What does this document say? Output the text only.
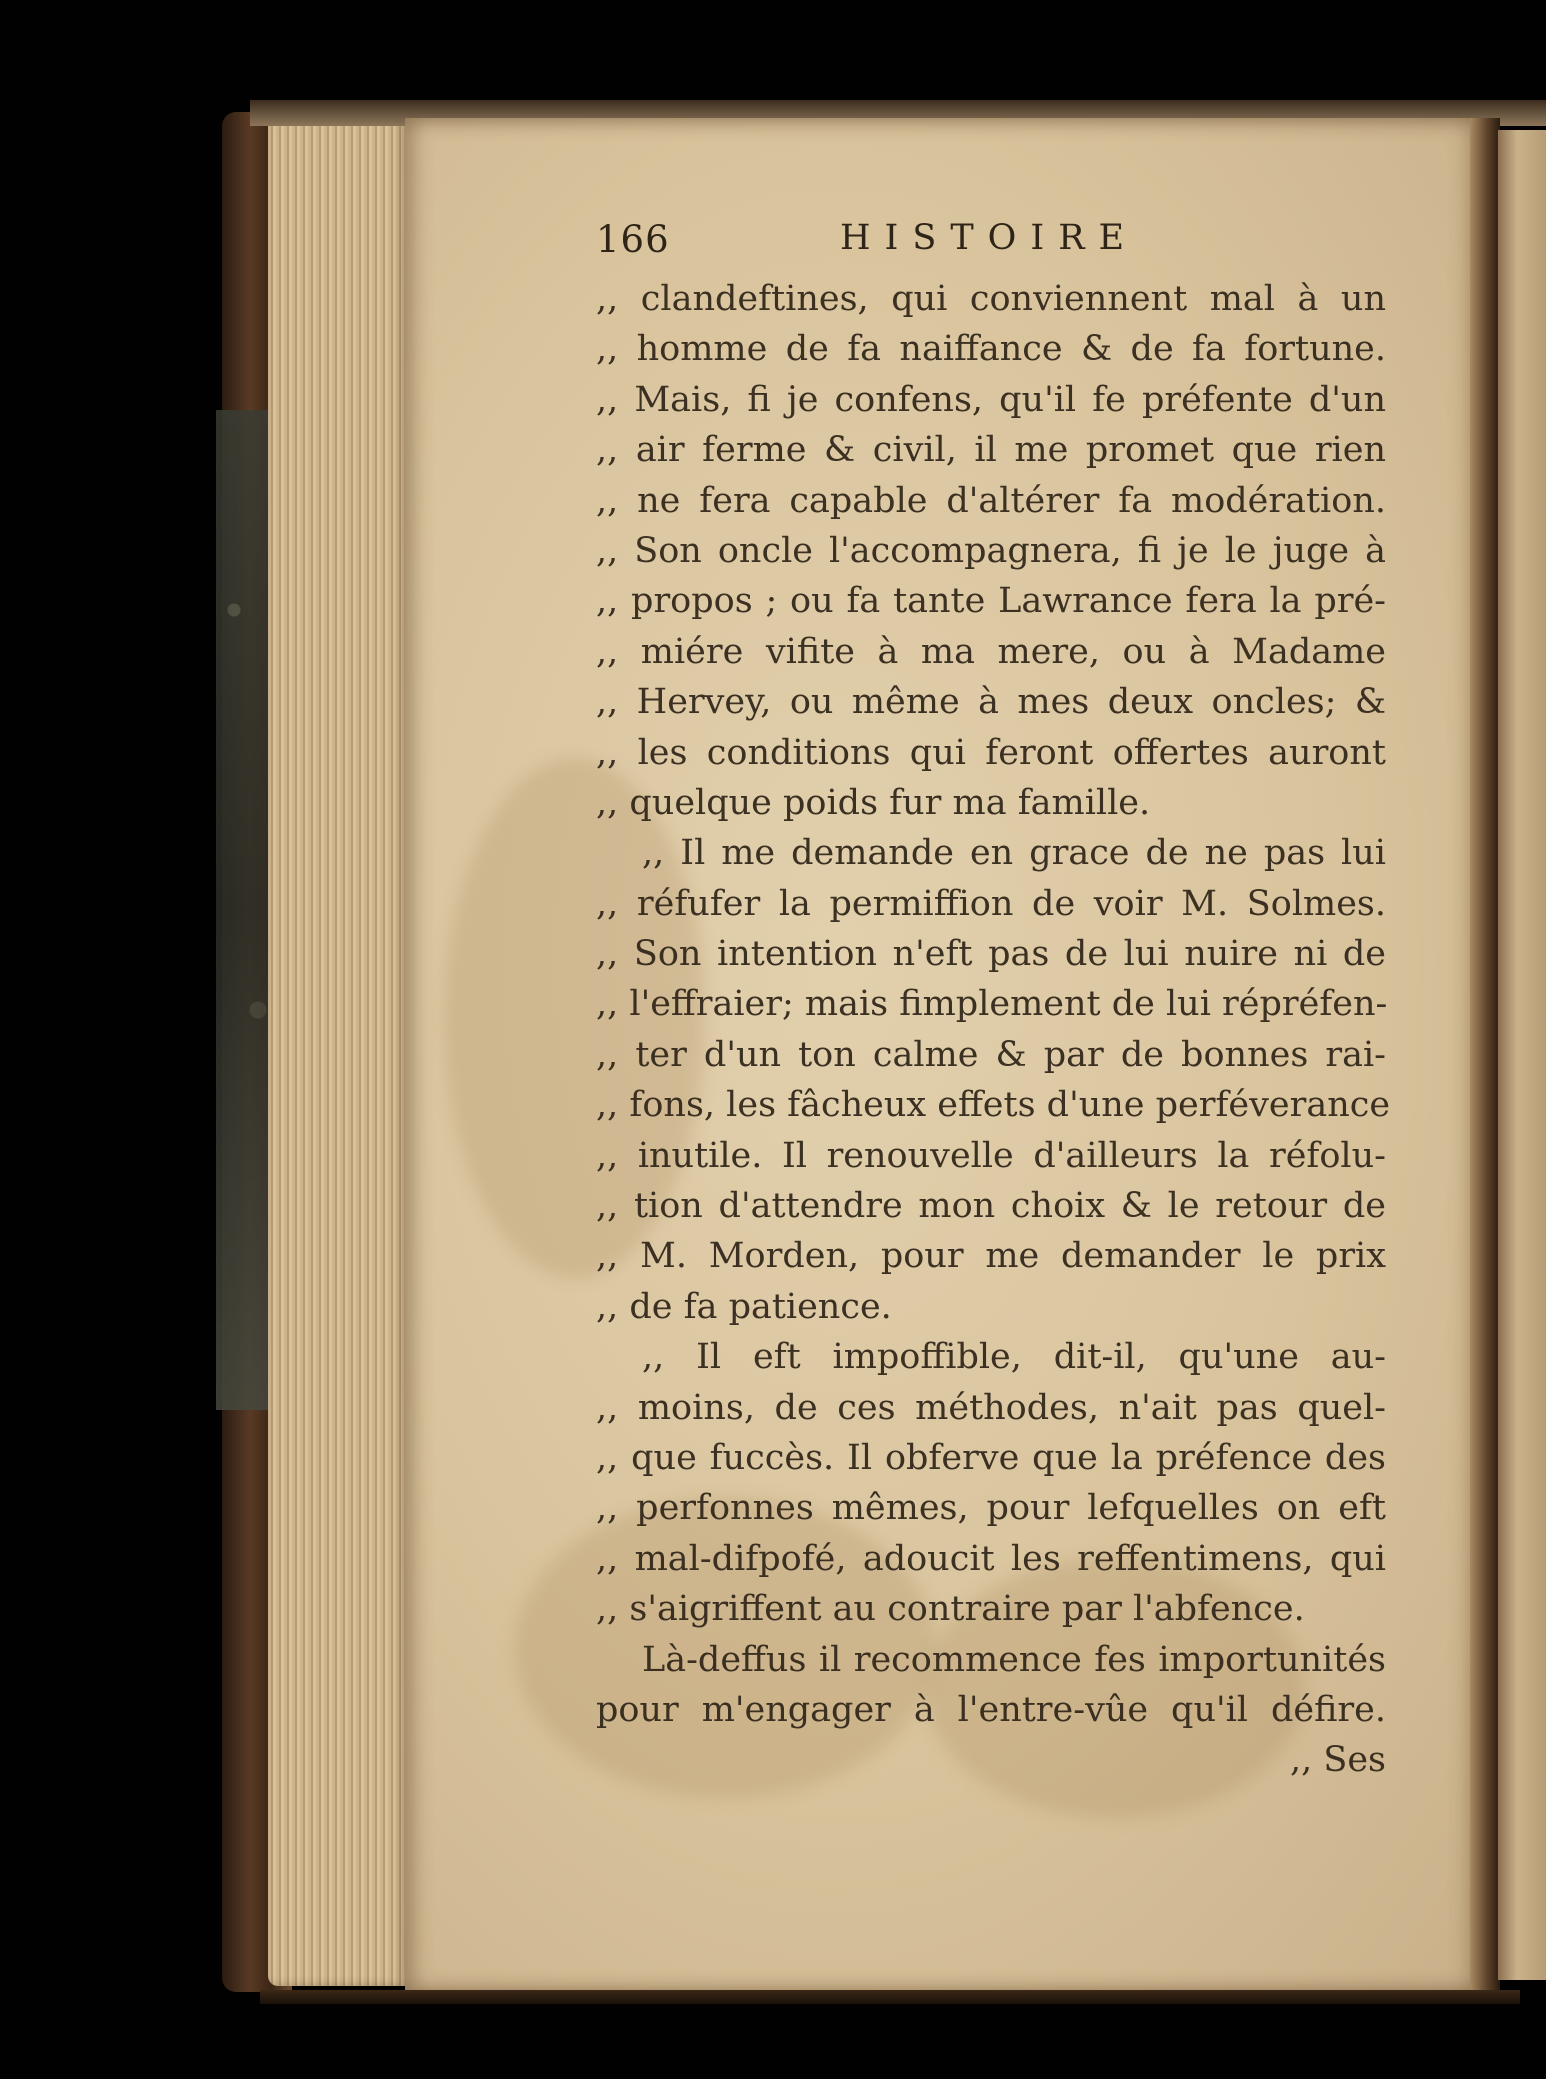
166	HISTOIRE
,, clandeftines, qui conviennent mal à un
,, homme de fa naiffance & de fa fortune.
,, Mais, fi je confens, qu'il fe préfente d'un
,, air ferme & civil, il me promet que rien
,, ne fera capable d'altérer fa modération.
,, Son oncle l'accompagnera, fi je le juge à
,, propos ; ou fa tante Lawrance fera la pré-
,, miére vifite à ma mere, ou à Madame
,, Hervey, ou même à mes deux oncles; &
,, les conditions qui feront offertes auront
,, quelque poids fur ma famille.
,, Il me demande en grace de ne pas lui
,, réfufer la permiffion de voir M. Solmes.
,, Son intention n'eft pas de lui nuire ni de
,, l'effraier; mais fimplement de lui répréfen-
,, ter d'un ton calme & par de bonnes rai-
,, fons, les fâcheux effets d'une perféverance
,, inutile. Il renouvelle d'ailleurs la réfolu-
,, tion d'attendre mon choix & le retour de
,, M. Morden, pour me demander le prix
,, de fa patience.
,, Il eft impoffible, dit-il, qu'une au-
,, moins, de ces méthodes, n'ait pas quel-
,, que fuccès. Il obferve que la préfence des
,, perfonnes mêmes, pour lefquelles on eft
,, mal-difpofé, adoucit les reffentimens, qui
,, s'aigriffent au contraire par l'abfence.
Là-deffus il recommence fes importunités
pour m'engager à l'entre-vûe qu'il défire.
,, Ses
